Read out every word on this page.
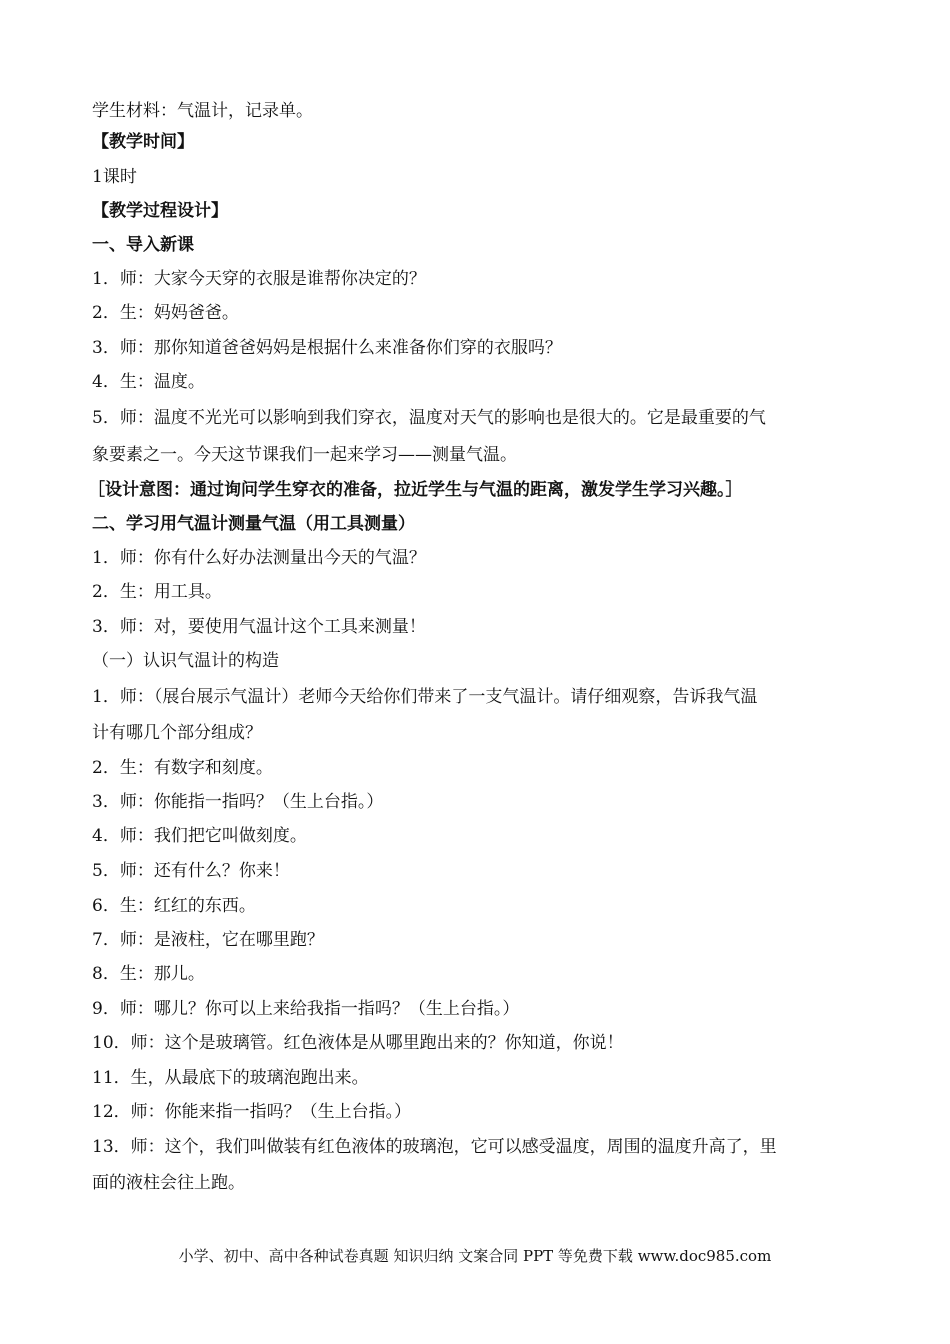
学生材料：气温计，记录单。
【教学时间】
1课时
【教学过程设计】
一、导入新课
1．师：大家今天穿的衣服是谁帮你决定的？
2．生：妈妈爸爸。
3．师：那你知道爸爸妈妈是根据什么来准备你们穿的衣服吗？
4．生：温度。
5．师：温度不光光可以影响到我们穿衣，温度对天气的影响也是很大的。它是最重要的气
象要素之一。今天这节课我们一起来学习——测量气温。
［设计意图：通过询问学生穿衣的准备，拉近学生与气温的距离，激发学生学习兴趣。］
二、学习用气温计测量气温（用工具测量）
1．师：你有什么好办法测量出今天的气温？
2．生：用工具。
3．师：对，要使用气温计这个工具来测量！
（一）认识气温计的构造
1．师：（展台展示气温计）老师今天给你们带来了一支气温计。请仔细观察，告诉我气温
计有哪几个部分组成？
2．生：有数字和刻度。
3．师：你能指一指吗？（生上台指。）
4．师：我们把它叫做刻度。
5．师：还有什么？你来！
6．生：红红的东西。
7．师：是液柱，它在哪里跑？
8．生：那儿。
9．师：哪儿？你可以上来给我指一指吗？（生上台指。）
10．师：这个是玻璃管。红色液体是从哪里跑出来的？你知道，你说！
11．生，从最底下的玻璃泡跑出来。
12．师：你能来指一指吗？（生上台指。）
13．师：这个，我们叫做装有红色液体的玻璃泡，它可以感受温度，周围的温度升高了，里
面的液柱会往上跑。
小学、初中、高中各种试卷真题 知识归纳 文案合同 PPT 等免费下载 www.doc985.com
